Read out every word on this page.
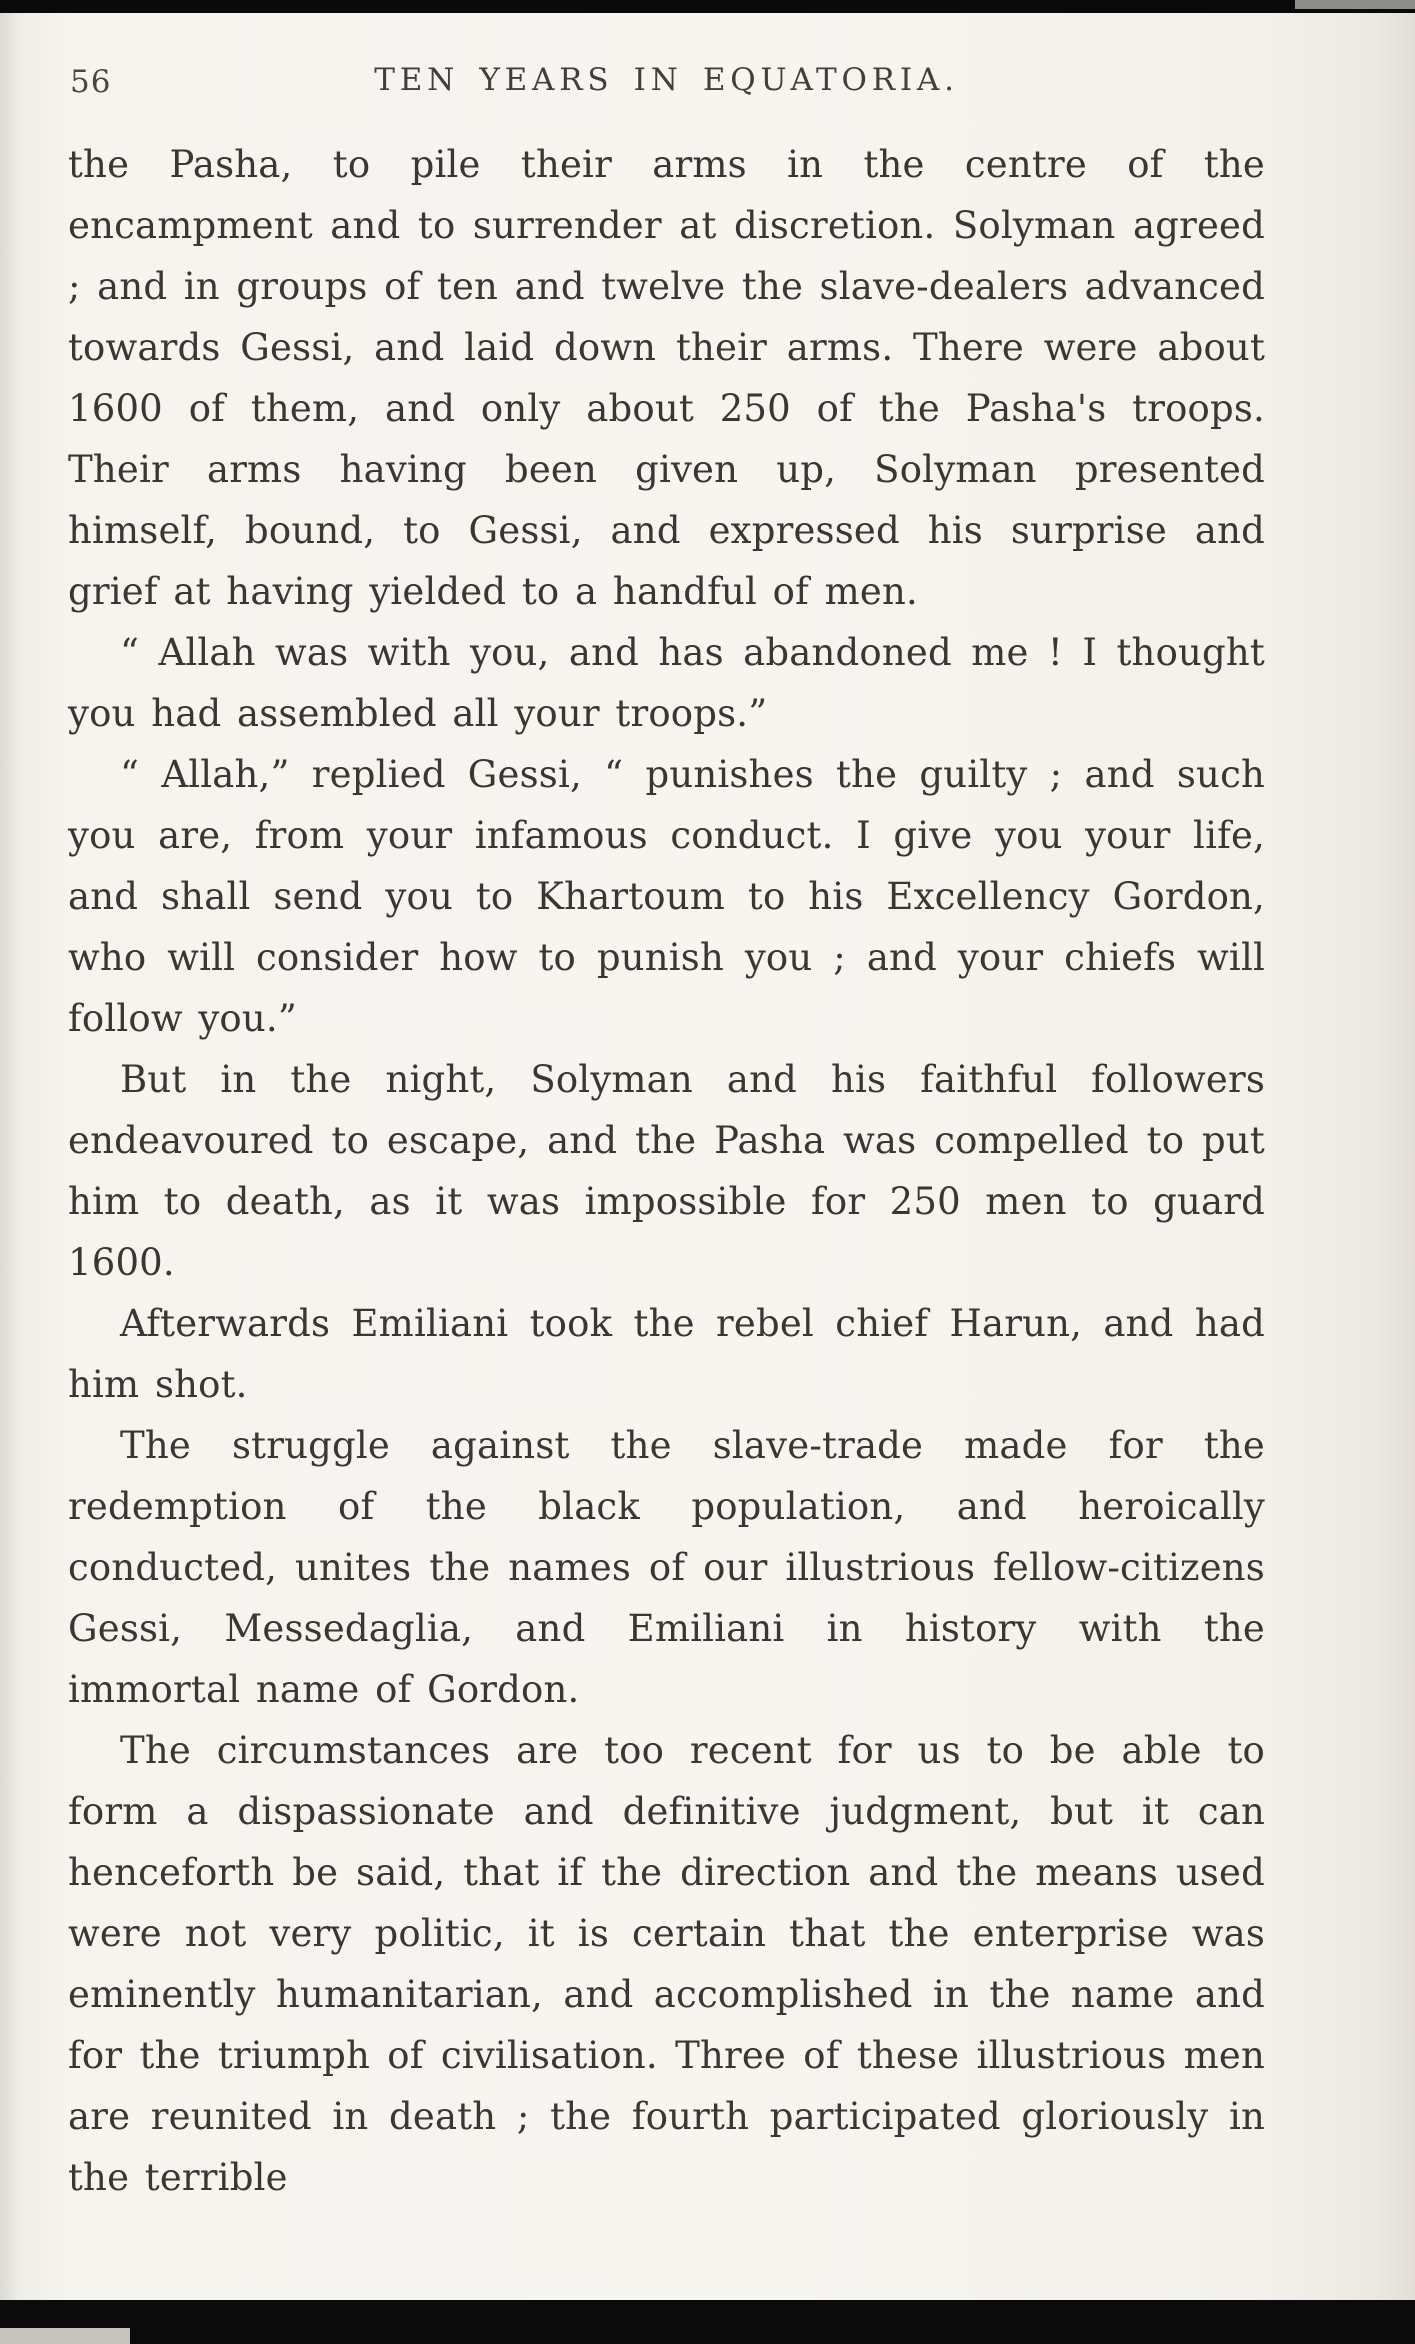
56	TEN YEARS IN EQUATORIA.

the Pasha, to pile their arms in the centre of the encampment and to surrender at discretion. Solyman agreed ; and in groups of ten and twelve the slave-dealers advanced towards Gessi, and laid down their arms. There were about 1600 of them, and only about 250 of the Pasha's troops. Their arms having been given up, Solyman presented himself, bound, to Gessi, and expressed his surprise and grief at having yielded to a handful of men.

“ Allah was with you, and has abandoned me ! I thought you had assembled all your troops.”

“ Allah,” replied Gessi, “ punishes the guilty ; and such you are, from your infamous conduct. I give you your life, and shall send you to Khartoum to his Excellency Gordon, who will consider how to punish you ; and your chiefs will follow you.”

But in the night, Solyman and his faithful followers endeavoured to escape, and the Pasha was compelled to put him to death, as it was impossible for 250 men to guard 1600.

Afterwards Emiliani took the rebel chief Harun, and had him shot.

The struggle against the slave-trade made for the redemption of the black population, and heroically conducted, unites the names of our illustrious fellow-citizens Gessi, Messedaglia, and Emiliani in history with the immortal name of Gordon.

The circumstances are too recent for us to be able to form a dispassionate and definitive judgment, but it can henceforth be said, that if the direction and the means used were not very politic, it is certain that the enterprise was eminently humanitarian, and accomplished in the name and for the triumph of civilisation. Three of these illustrious men are reunited in death ; the fourth participated gloriously in the terrible
